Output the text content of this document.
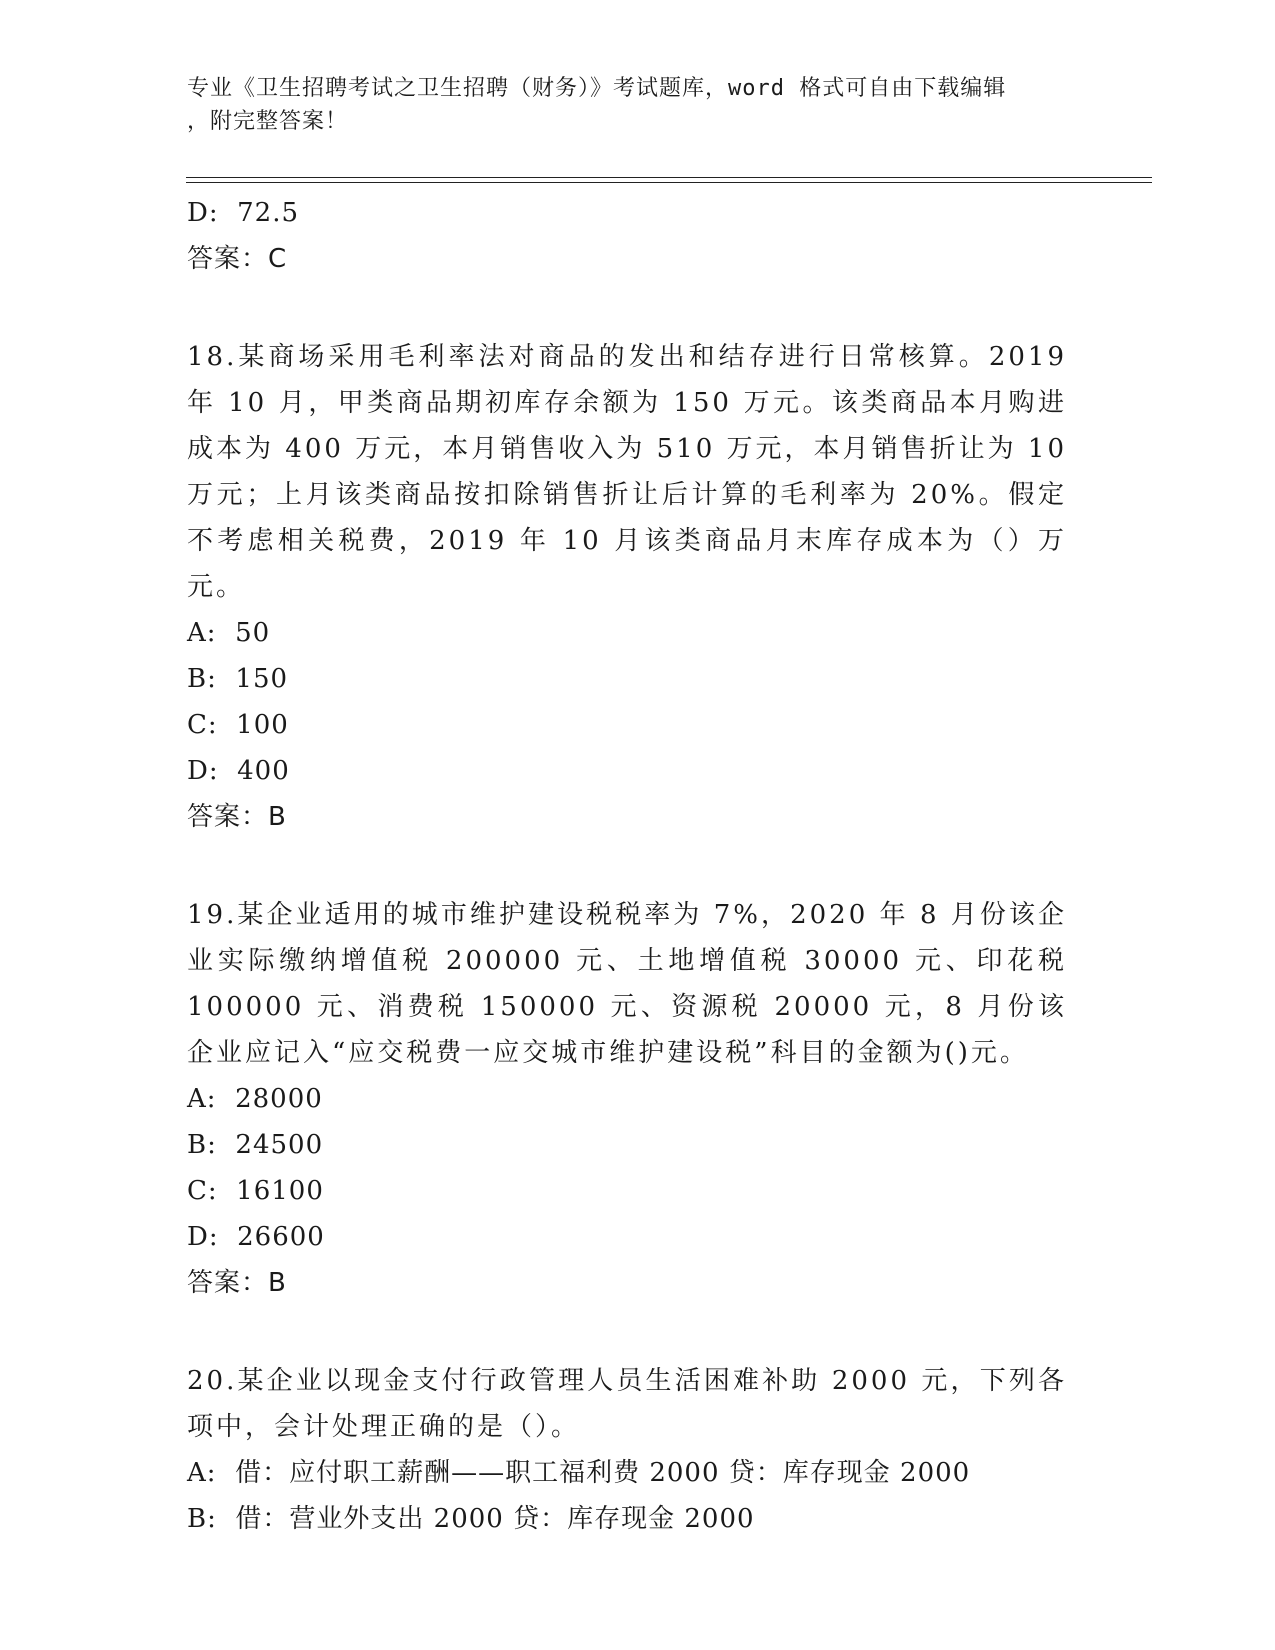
专业《卫生招聘考试之卫生招聘（财务）》考试题库，word 格式可自由下载编辑
，附完整答案！

D:  72.5

答案：C

18.某商场采用毛利率法对商品的发出和结存进行日常核算。2019 年 10 月，甲类商品期初库存余额为 150 万元。该类商品本月购进成本为 400 万元，本月销售收入为 510 万元，本月销售折让为 10 万元；上月该类商品按扣除销售折让后计算的毛利率为 20%。假定不考虑相关税费，2019 年 10 月该类商品月末库存成本为（）万元。

A:  50

B:  150

C:  100

D:  400

答案：B

19.某企业适用的城市维护建设税税率为 7%，2020 年 8 月份该企业实际缴纳增值税 200000 元、土地增值税 30000 元、印花税 100000 元、消费税 150000 元、资源税 20000 元，8 月份该企业应记入“应交税费一应交城市维护建设税”科目的金额为()元。

A:  28000

B:  24500

C:  16100

D:  26600

答案：B

20.某企业以现金支付行政管理人员生活困难补助 2000 元，下列各项中，会计处理正确的是（）。

A:  借：应付职工薪酬——职工福利费 2000 贷：库存现金 2000

B:  借：营业外支出 2000 贷：库存现金 2000
